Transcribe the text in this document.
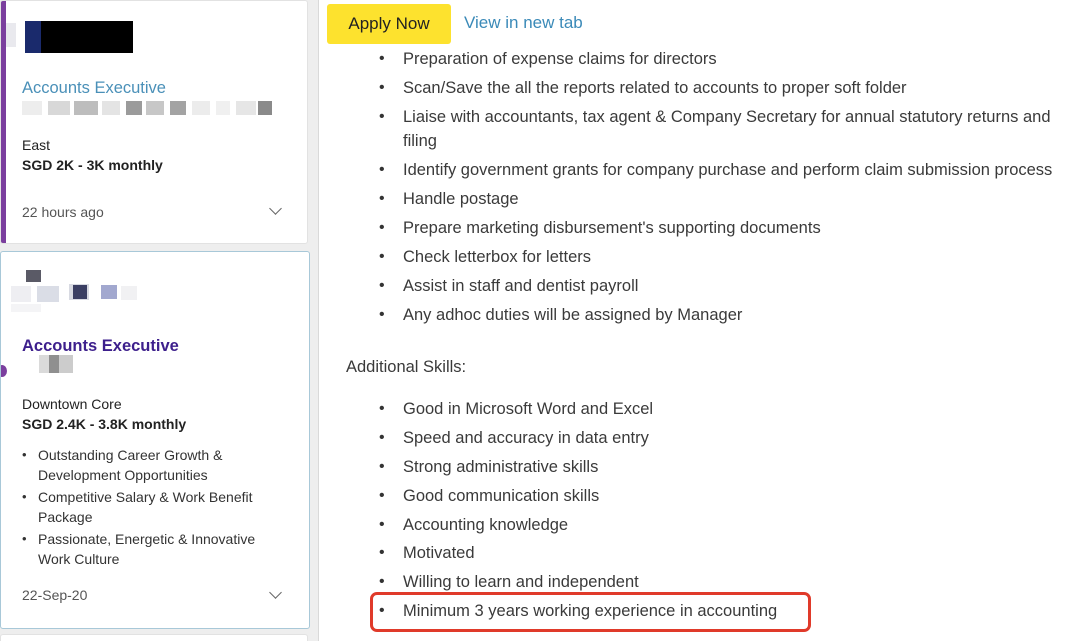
Accounts Executive
East
SGD 2K - 3K monthly
22 hours ago
Accounts Executive
Downtown Core
SGD 2.4K - 3.8K monthly
• Outstanding Career Growth & Development Opportunities
• Competitive Salary & Work Benefit Package
• Passionate, Energetic & Innovative Work Culture
22-Sep-20
Apply Now	View in new tab
• Preparation of expense claims for directors
• Scan/Save the all the reports related to accounts to proper soft folder
• Liaise with accountants, tax agent & Company Secretary for annual statutory returns and filing
• Identify government grants for company purchase and perform claim submission process
• Handle postage
• Prepare marketing disbursement's supporting documents
• Check letterbox for letters
• Assist in staff and dentist payroll
• Any adhoc duties will be assigned by Manager
Additional Skills:
• Good in Microsoft Word and Excel
• Speed and accuracy in data entry
• Strong administrative skills
• Good communication skills
• Accounting knowledge
• Motivated
• Willing to learn and independent
• Minimum 3 years working experience in accounting
